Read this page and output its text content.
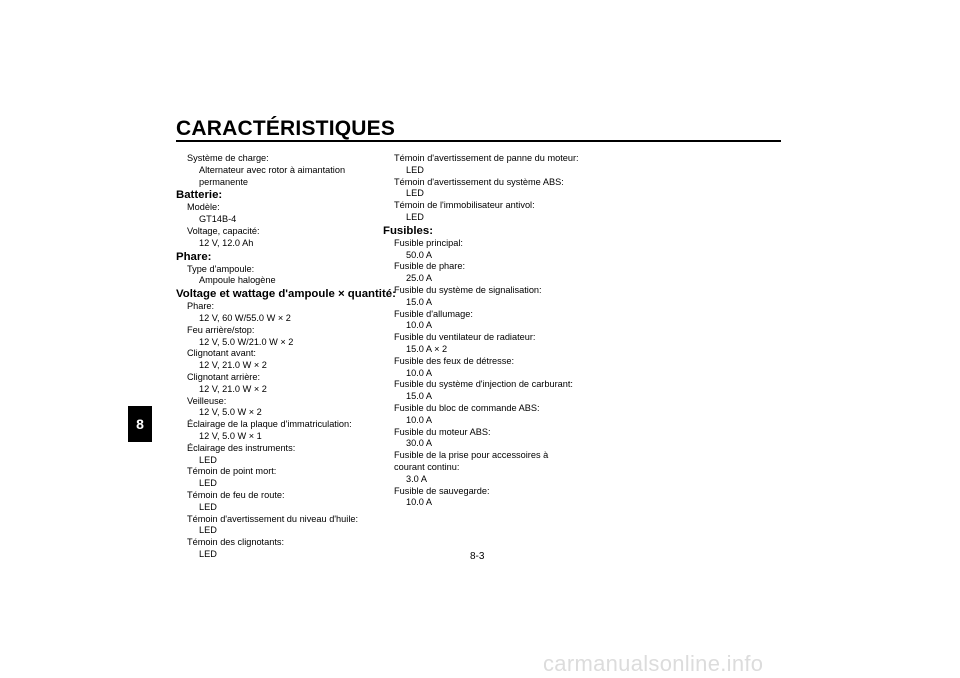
CARACTÉRISTIQUES
8
Système de charge:
Alternateur avec rotor à aimantation permanente
Batterie:
Modèle:
GT14B-4
Voltage, capacité:
12 V, 12.0 Ah
Phare:
Type d'ampoule:
Ampoule halogène
Voltage et wattage d'ampoule × quantité:
Phare:
12 V, 60 W/55.0 W × 2
Feu arrière/stop:
12 V, 5.0 W/21.0 W × 2
Clignotant avant:
12 V, 21.0 W × 2
Clignotant arrière:
12 V, 21.0 W × 2
Veilleuse:
12 V, 5.0 W × 2
Éclairage de la plaque d'immatriculation:
12 V, 5.0 W × 1
Éclairage des instruments:
LED
Témoin de point mort:
LED
Témoin de feu de route:
LED
Témoin d'avertissement du niveau d'huile:
LED
Témoin des clignotants:
LED
Témoin d'avertissement de panne du moteur:
LED
Témoin d'avertissement du système ABS:
LED
Témoin de l'immobilisateur antivol:
LED
Fusibles:
Fusible principal:
50.0 A
Fusible de phare:
25.0 A
Fusible du système de signalisation:
15.0 A
Fusible d'allumage:
10.0 A
Fusible du ventilateur de radiateur:
15.0 A × 2
Fusible des feux de détresse:
10.0 A
Fusible du système d'injection de carburant:
15.0 A
Fusible du bloc de commande ABS:
10.0 A
Fusible du moteur ABS:
30.0 A
Fusible de la prise pour accessoires à courant continu:
3.0 A
Fusible de sauvegarde:
10.0 A
8-3
carmanualsonline.info
